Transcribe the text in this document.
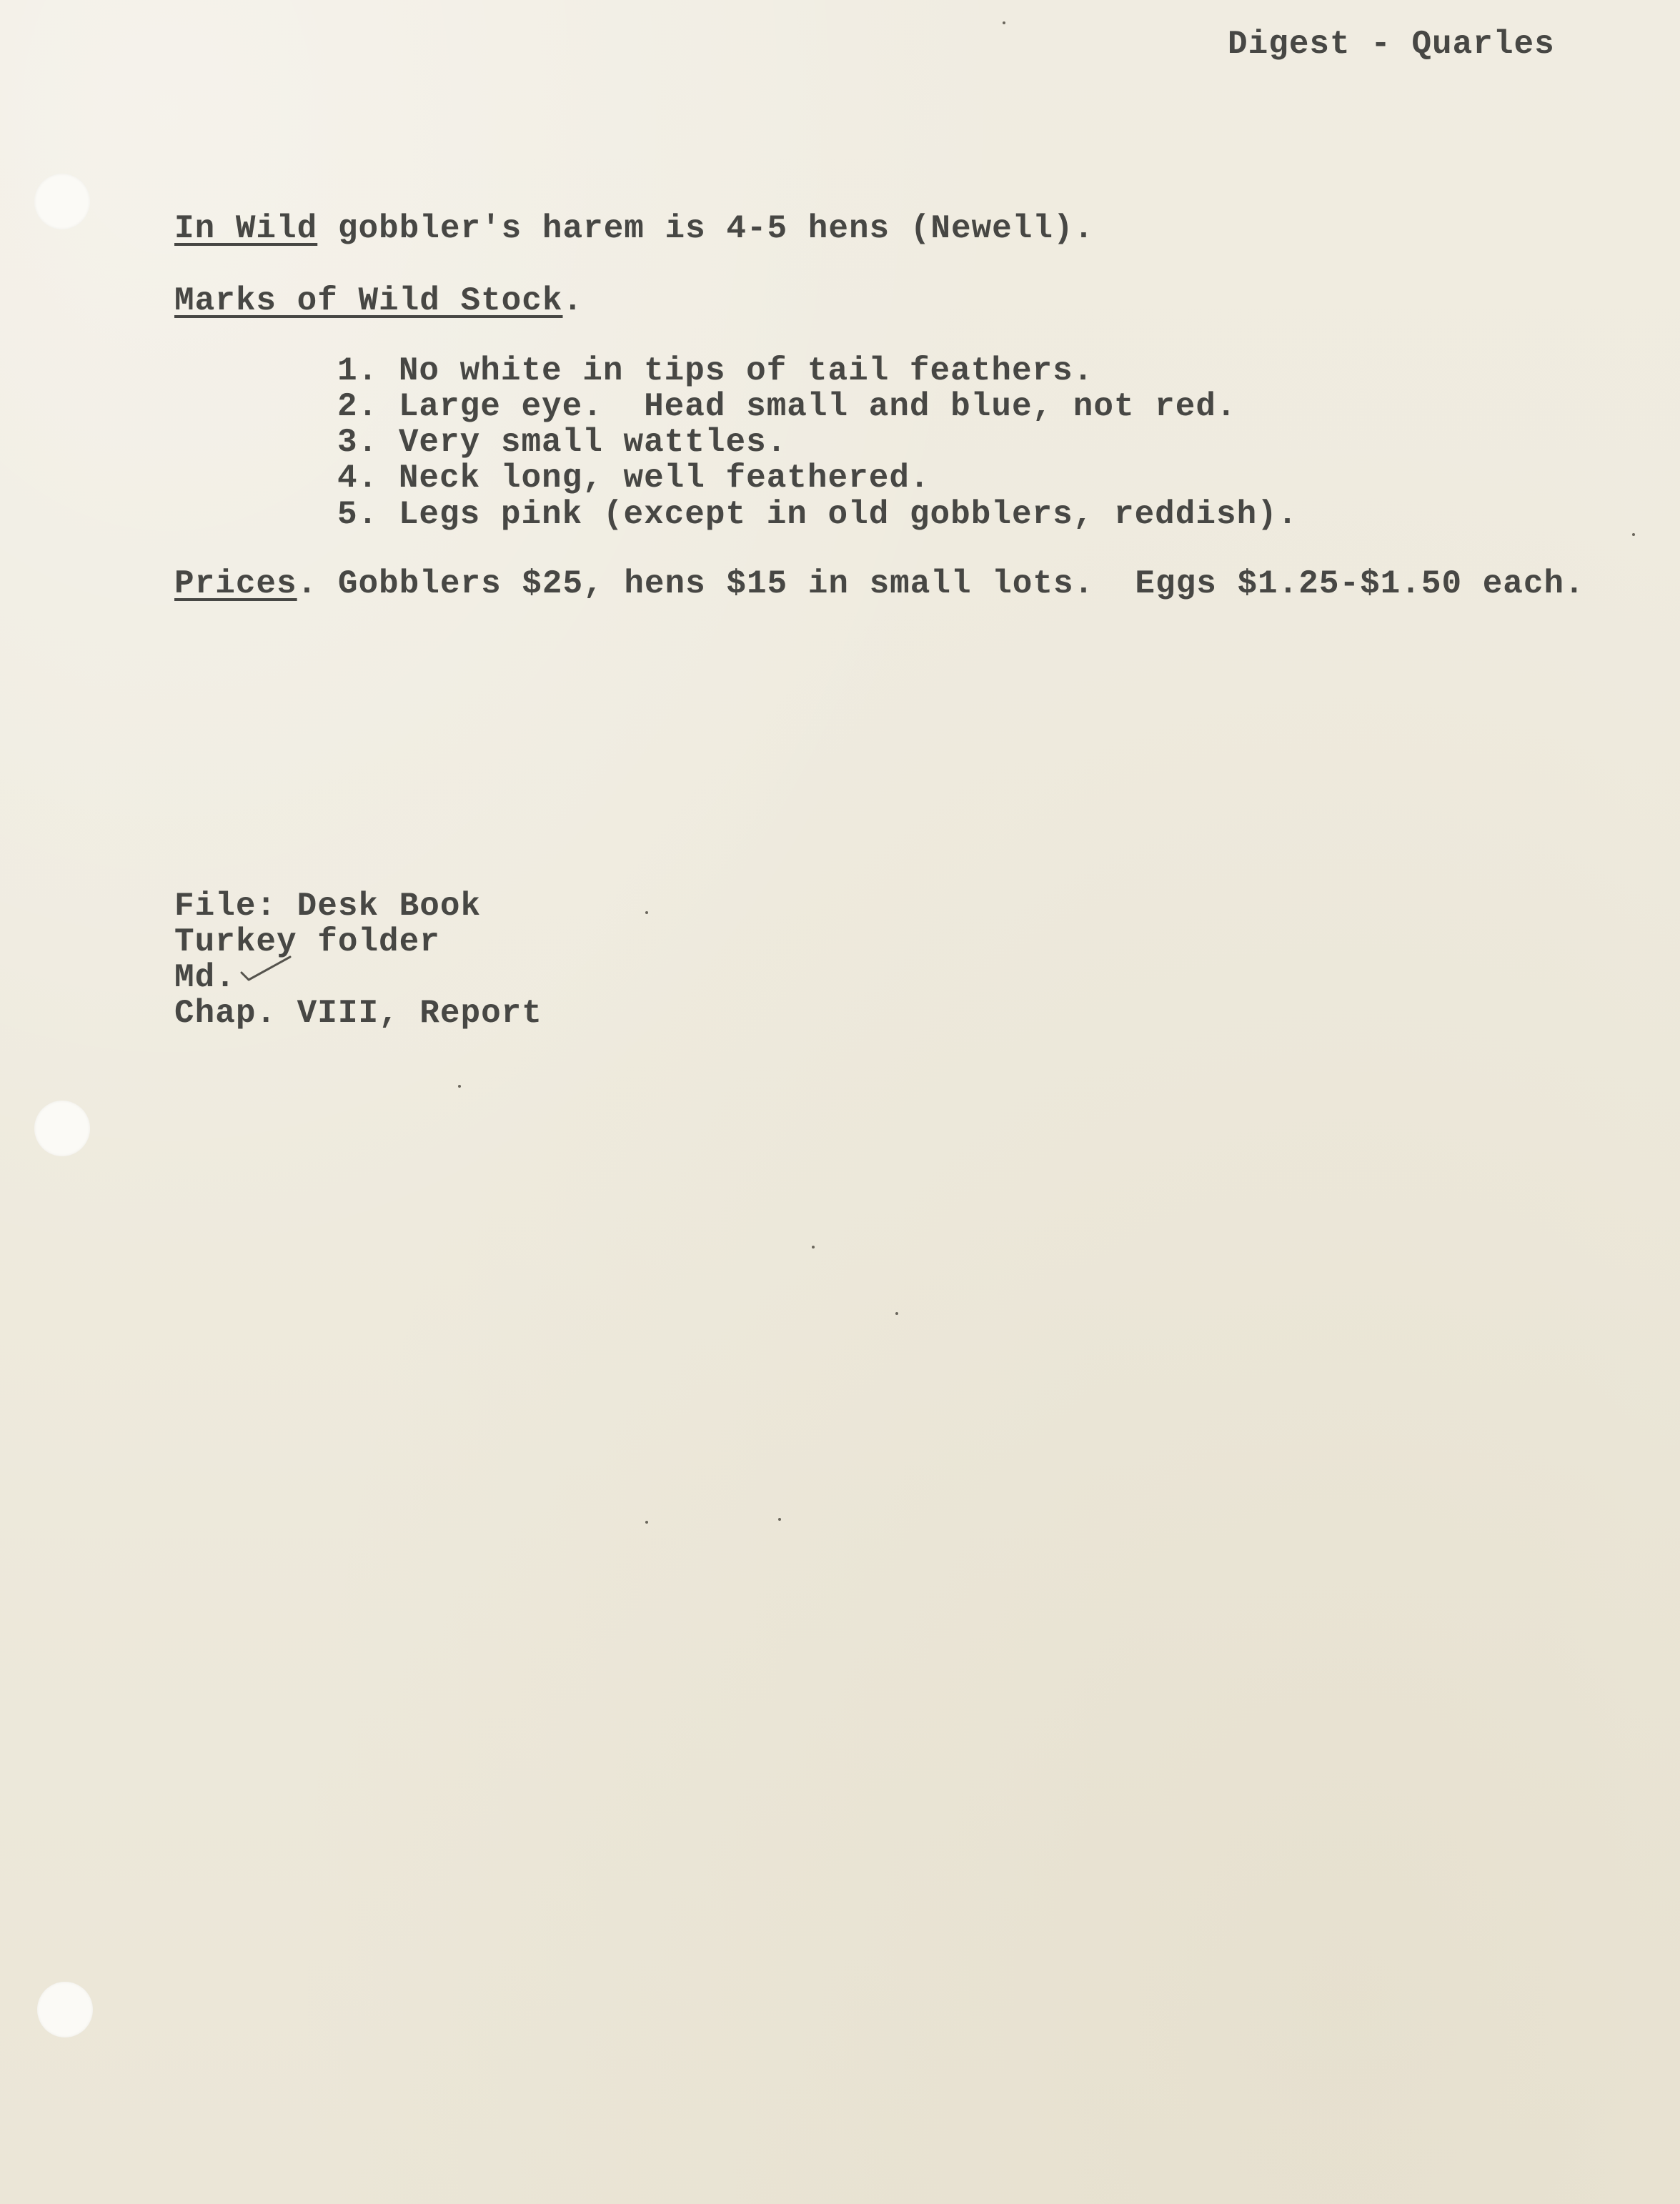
Digest - Quarles
In Wild gobbler's harem is 4-5 hens (Newell).
Marks of Wild Stock.
1. No white in tips of tail feathers.
2. Large eye.  Head small and blue, not red.
3. Very small wattles.
4. Neck long, well feathered.
5. Legs pink (except in old gobblers, reddish).
Prices. Gobblers $25, hens $15 in small lots.  Eggs $1.25-$1.50 each.
File: Desk Book
Turkey folder
Md.
Chap. VIII, Report
